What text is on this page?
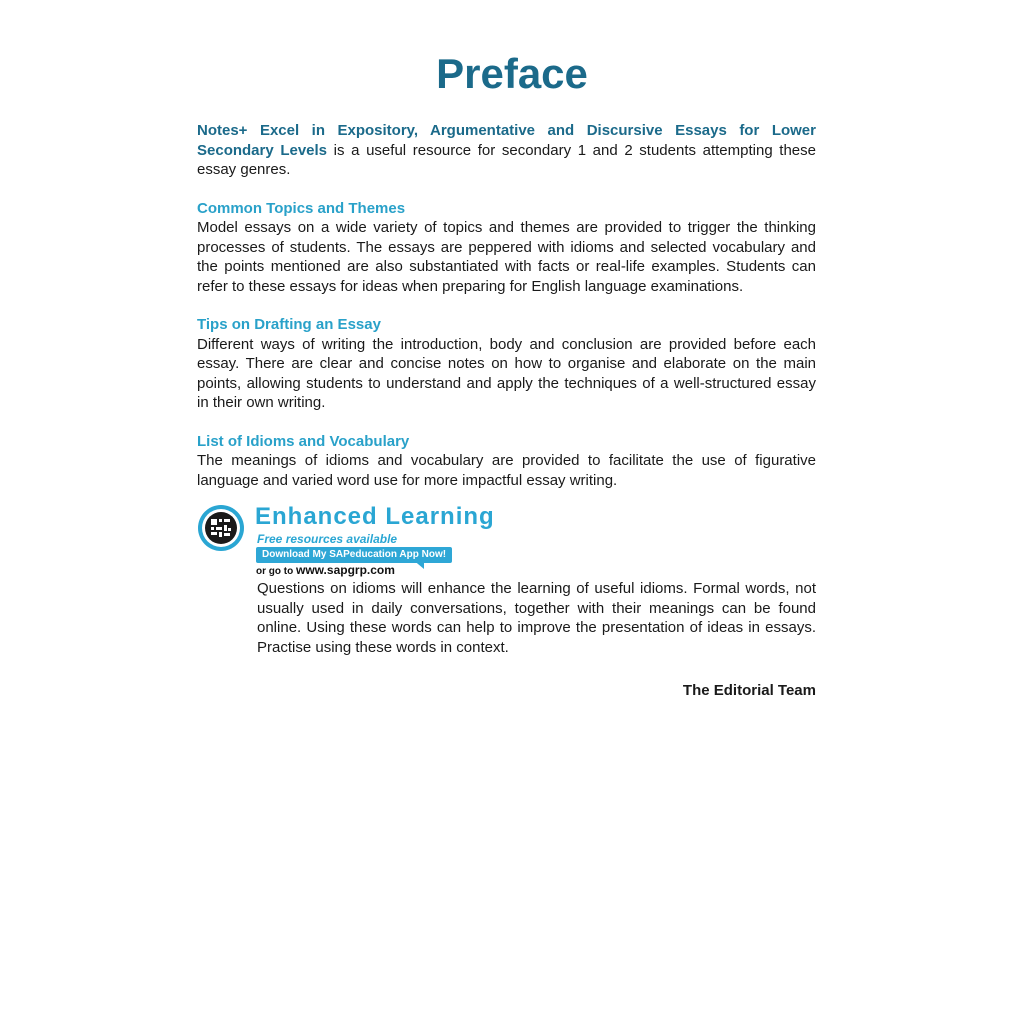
Preface

Notes+ Excel in Expository, Argumentative and Discursive Essays for Lower Secondary Levels is a useful resource for secondary 1 and 2 students attempting these essay genres.

Common Topics and Themes

Model essays on a wide variety of topics and themes are provided to trigger the thinking processes of students. The essays are peppered with idioms and selected vocabulary and the points mentioned are also substantiated with facts or real-life examples. Students can refer to these essays for ideas when preparing for English language examinations.

Tips on Drafting an Essay

Different ways of writing the introduction, body and conclusion are provided before each essay. There are clear and concise notes on how to organise and elaborate on the main points, allowing students to understand and apply the techniques of a well-structured essay in their own writing.

List of Idioms and Vocabulary

The meanings of idioms and vocabulary are provided to facilitate the use of figurative language and varied word use for more impactful essay writing.

Enhanced Learning
Free resources available
Download My SAPeducation App Now!
or go to www.sapgrp.com

Questions on idioms will enhance the learning of useful idioms. Formal words, not usually used in daily conversations, together with their meanings can be found online. Using these words can help to improve the presentation of ideas in essays. Practise using these words in context.

The Editorial Team
